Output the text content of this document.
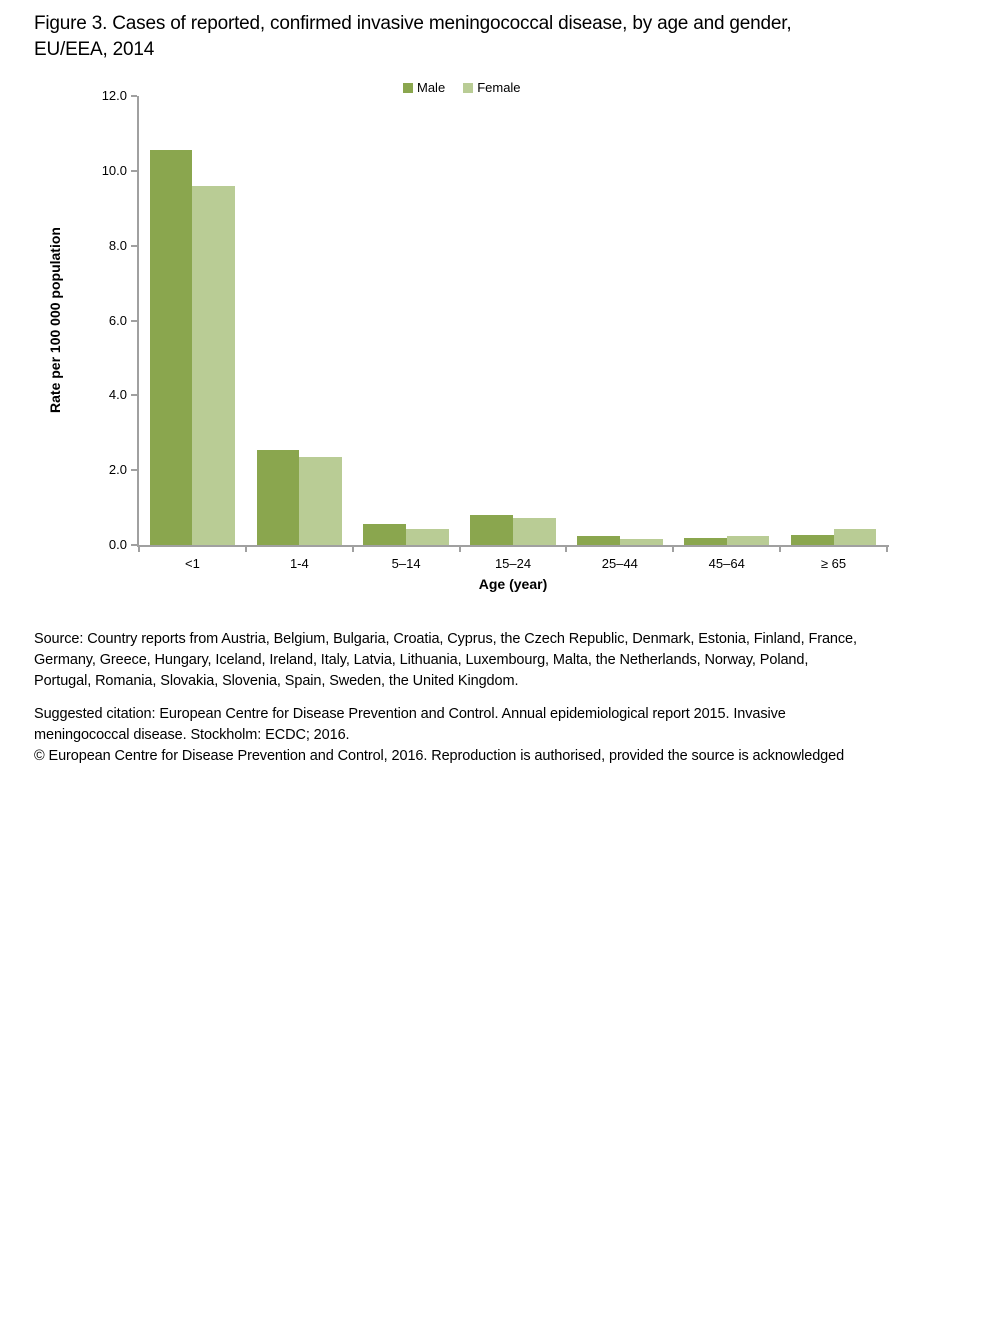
Figure 3. Cases of reported, confirmed invasive meningococcal disease, by age and gender,
EU/EEA, 2014
Male Female
Rate per 100 000 population
Age (year)
0.0
2.0
4.0
6.0
8.0
10.0
12.0
<1	1-4	5–14	15–24	25–44	45–64	≥ 65
Source: Country reports from Austria, Belgium, Bulgaria, Croatia, Cyprus, the Czech Republic, Denmark, Estonia, Finland, France,
Germany, Greece, Hungary, Iceland, Ireland, Italy, Latvia, Lithuania, Luxembourg, Malta, the Netherlands, Norway, Poland,
Portugal, Romania, Slovakia, Slovenia, Spain, Sweden, the United Kingdom.
Suggested citation: European Centre for Disease Prevention and Control. Annual epidemiological report 2015. Invasive
meningococcal disease. Stockholm: ECDC; 2016.
© European Centre for Disease Prevention and Control, 2016. Reproduction is authorised, provided the source is acknowledged
